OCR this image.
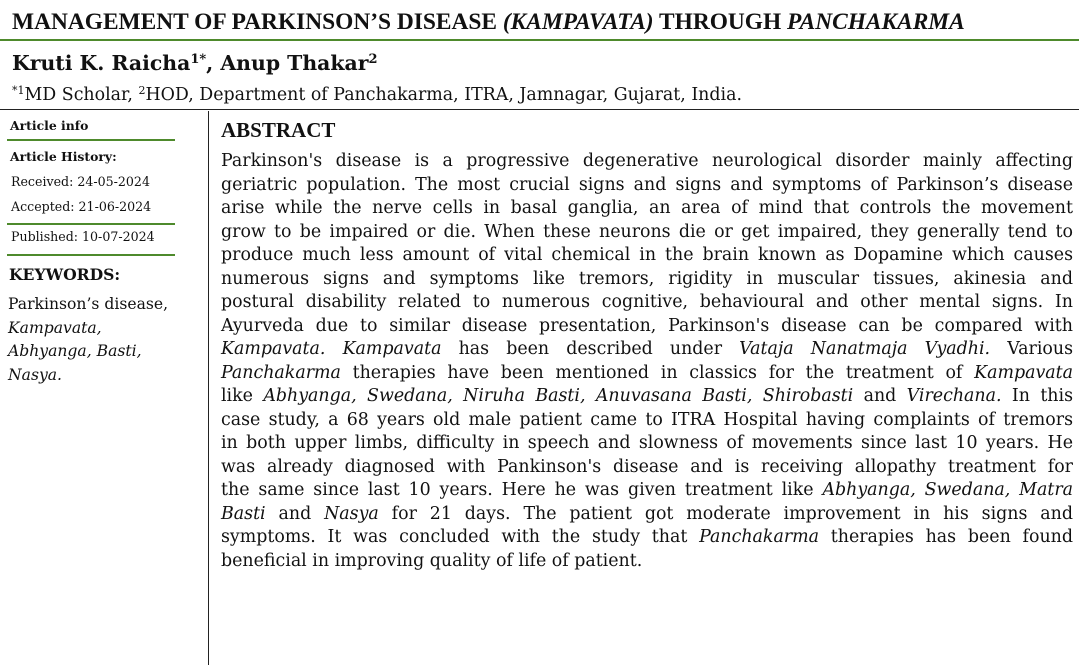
MANAGEMENT OF PARKINSON’S DISEASE (KAMPAVATA) THROUGH PANCHAKARMA
Kruti K. Raicha$^{1*}$, Anup Thakar$^2$
$^{*1}$MD Scholar, $^2$HOD, Department of Panchakarma, ITRA, Jamnagar, Gujarat, India.
Article info
Article History:
Received: 24-05-2024
Accepted: 21-06-2024
Published: 10-07-2024
KEYWORDS:
Parkinson’s disease,
Kampavata,
Abhyanga, Basti,
Nasya.
ABSTRACT
Parkinson's disease is a progressive degenerative neurological disorder mainly affecting
geriatric population. The most crucial signs and signs and symptoms of Parkinson’s disease
arise while the nerve cells in basal ganglia, an area of mind that controls the movement
grow to be impaired or die. When these neurons die or get impaired, they generally tend to
produce much less amount of vital chemical in the brain known as Dopamine which causes
numerous signs and symptoms like tremors, rigidity in muscular tissues, akinesia and
postural disability related to numerous cognitive, behavioural and other mental signs. In
Ayurveda due to similar disease presentation, Parkinson's disease can be compared with
Kampavata. Kampavata has been described under Vataja Nanatmaja Vyadhi. Various
Panchakarma therapies have been mentioned in classics for the treatment of Kampavata
like Abhyanga, Swedana, Niruha Basti, Anuvasana Basti, Shirobasti and Virechana. In this
case study, a 68 years old male patient came to ITRA Hospital having complaints of tremors
in both upper limbs, difficulty in speech and slowness of movements since last 10 years. He
was already diagnosed with Pankinson's disease and is receiving allopathy treatment for
the same since last 10 years. Here he was given treatment like Abhyanga, Swedana, Matra
Basti and Nasya for 21 days. The patient got moderate improvement in his signs and
symptoms. It was concluded with the study that Panchakarma therapies has been found
beneficial in improving quality of life of patient.
